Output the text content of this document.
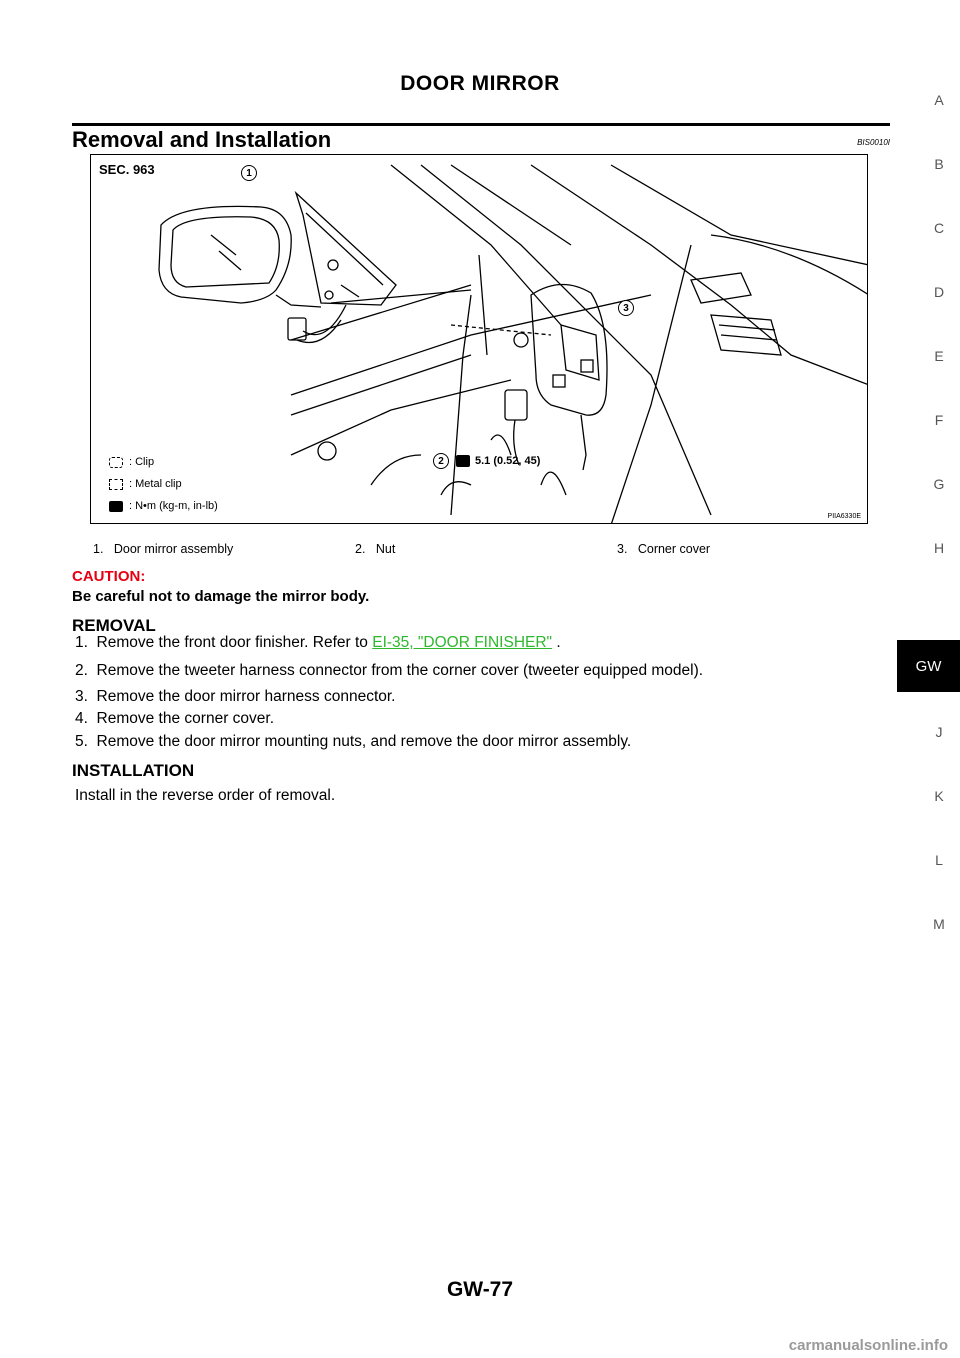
DOOR MIRROR
Removal and Installation	BIS0010I
SEC. 963	1
3
2	5.1 (0.52, 45)
: Clip
: Metal clip
: N•m (kg-m, in-lb)
PIIA6330E
1.   Door mirror assembly	2.   Nut	3.   Corner cover
CAUTION:
Be careful not to damage the mirror body.
REMOVAL
1.  Remove the front door finisher. Refer to EI-35, "DOOR FINISHER" .
2.  Remove the tweeter harness connector from the corner cover (tweeter equipped model).
3.  Remove the door mirror harness connector.
4.  Remove the corner cover.
5.  Remove the door mirror mounting nuts, and remove the door mirror assembly.
INSTALLATION
Install in the reverse order of removal.
A
B
C
D
E
F
G
H
GW
J
K
L
M
GW-77
carmanualsonline.info
